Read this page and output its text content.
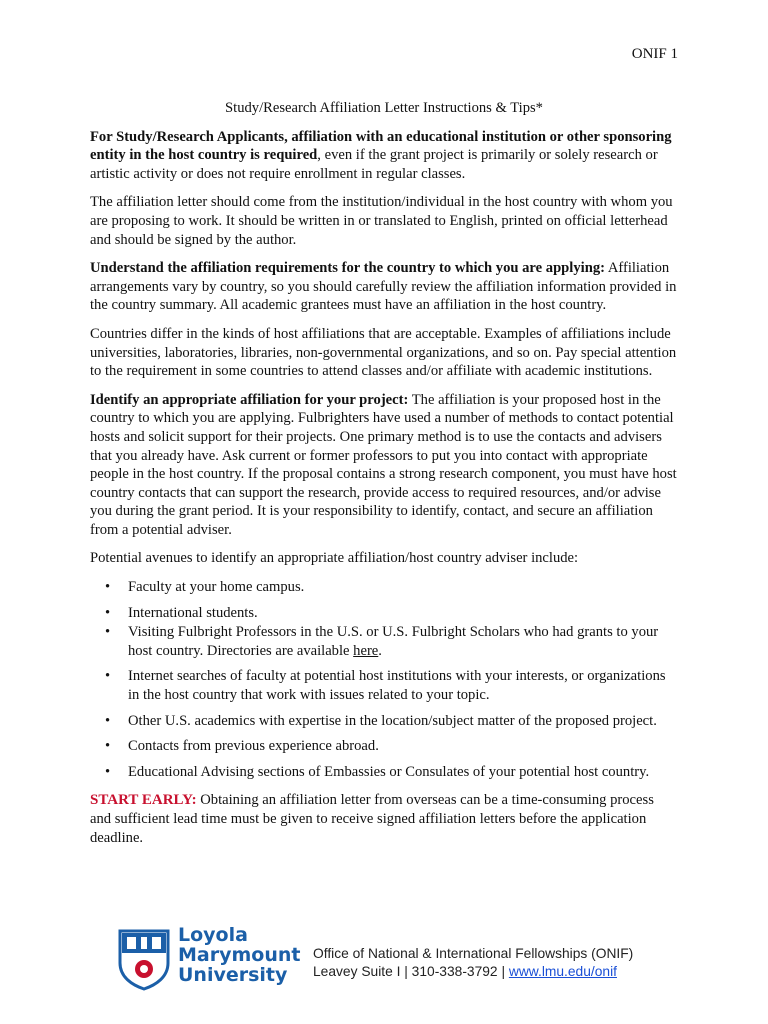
ONIF 1
Study/Research Affiliation Letter Instructions & Tips*

For Study/Research Applicants, affiliation with an educational institution or other sponsoring entity in the host country is required, even if the grant project is primarily or solely research or artistic activity or does not require enrollment in regular classes.

The affiliation letter should come from the institution/individual in the host country with whom you are proposing to work. It should be written in or translated to English, printed on official letterhead and should be signed by the author.

Understand the affiliation requirements for the country to which you are applying: Affiliation arrangements vary by country, so you should carefully review the affiliation information provided in the country summary. All academic grantees must have an affiliation in the host country.

Countries differ in the kinds of host affiliations that are acceptable. Examples of affiliations include universities, laboratories, libraries, non-governmental organizations, and so on. Pay special attention to the requirement in some countries to attend classes and/or affiliate with academic institutions.

Identify an appropriate affiliation for your project: The affiliation is your proposed host in the country to which you are applying. Fulbrighters have used a number of methods to contact potential hosts and solicit support for their projects. One primary method is to use the contacts and advisers that you already have. Ask current or former professors to put you into contact with appropriate people in the host country. If the proposal contains a strong research component, you must have host country contacts that can support the research, provide access to required resources, and/or advise you during the grant period. It is your responsibility to identify, contact, and secure an affiliation from a potential adviser.

Potential avenues to identify an appropriate affiliation/host country adviser include:

• Faculty at your home campus.
• International students.
• Visiting Fulbright Professors in the U.S. or U.S. Fulbright Scholars who had grants to your host country. Directories are available here.
• Internet searches of faculty at potential host institutions with your interests, or organizations in the host country that work with issues related to your topic.
• Other U.S. academics with expertise in the location/subject matter of the proposed project.
• Contacts from previous experience abroad.
• Educational Advising sections of Embassies or Consulates of your potential host country.

START EARLY: Obtaining an affiliation letter from overseas can be a time-consuming process and sufficient lead time must be given to receive signed affiliation letters before the application deadline.

Loyola
Marymount
University
Office of National & International Fellowships (ONIF)
Leavey Suite I | 310-338-3792 | www.lmu.edu/onif
